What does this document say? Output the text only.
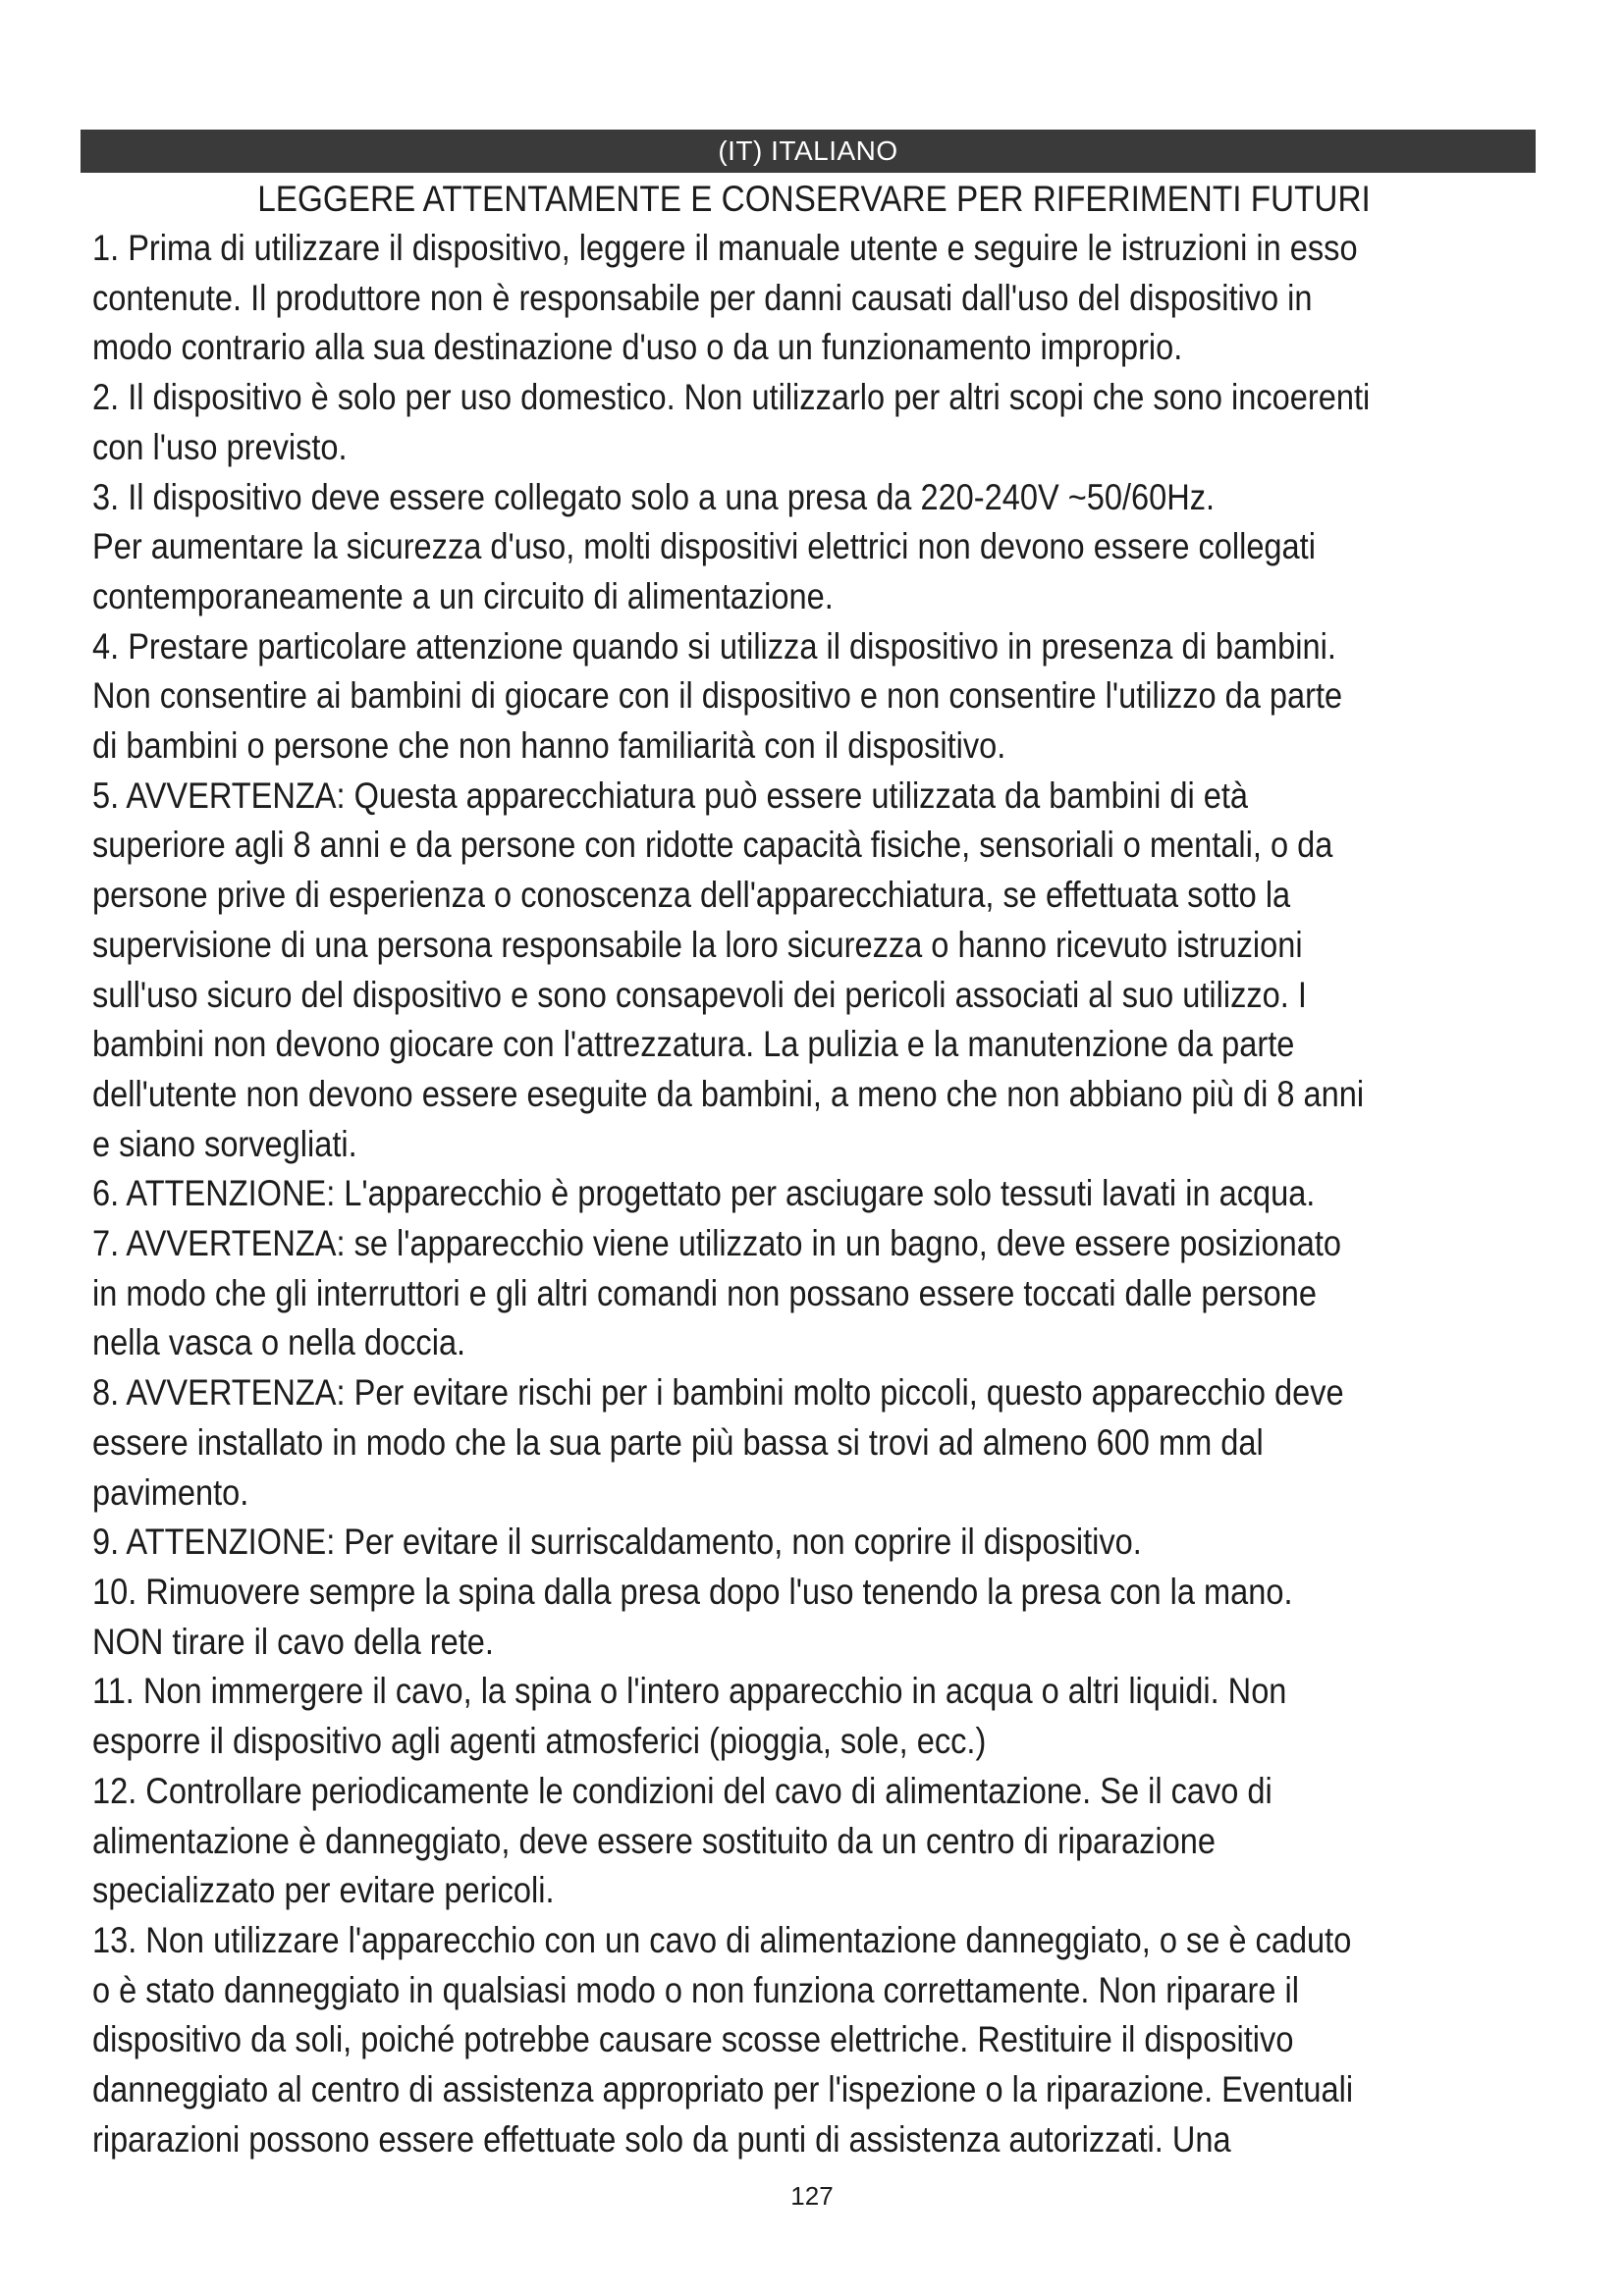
(IT) ITALIANO
LEGGERE ATTENTAMENTE E CONSERVARE PER RIFERIMENTI FUTURI

1. Prima di utilizzare il dispositivo, leggere il manuale utente e seguire le istruzioni in esso
contenute. Il produttore non è responsabile per danni causati dall'uso del dispositivo in
modo contrario alla sua destinazione d'uso o da un funzionamento improprio.

2. Il dispositivo è solo per uso domestico. Non utilizzarlo per altri scopi che sono incoerenti
con l'uso previsto.

3. Il dispositivo deve essere collegato solo a una presa da 220-240V ~50/60Hz.
Per aumentare la sicurezza d'uso, molti dispositivi elettrici non devono essere collegati
contemporaneamente a un circuito di alimentazione.

4. Prestare particolare attenzione quando si utilizza il dispositivo in presenza di bambini.
Non consentire ai bambini di giocare con il dispositivo e non consentire l'utilizzo da parte
di bambini o persone che non hanno familiarità con il dispositivo.

5. AVVERTENZA: Questa apparecchiatura può essere utilizzata da bambini di età
superiore agli 8 anni e da persone con ridotte capacità fisiche, sensoriali o mentali, o da
persone prive di esperienza o conoscenza dell'apparecchiatura, se effettuata sotto la
supervisione di una persona responsabile la loro sicurezza o hanno ricevuto istruzioni
sull'uso sicuro del dispositivo e sono consapevoli dei pericoli associati al suo utilizzo. I
bambini non devono giocare con l'attrezzatura. La pulizia e la manutenzione da parte
dell'utente non devono essere eseguite da bambini, a meno che non abbiano più di 8 anni
e siano sorvegliati.

6. ATTENZIONE: L'apparecchio è progettato per asciugare solo tessuti lavati in acqua.

7. AVVERTENZA: se l'apparecchio viene utilizzato in un bagno, deve essere posizionato
in modo che gli interruttori e gli altri comandi non possano essere toccati dalle persone
nella vasca o nella doccia.

8. AVVERTENZA: Per evitare rischi per i bambini molto piccoli, questo apparecchio deve
essere installato in modo che la sua parte più bassa si trovi ad almeno 600 mm dal
pavimento.

9. ATTENZIONE: Per evitare il surriscaldamento, non coprire il dispositivo.

10. Rimuovere sempre la spina dalla presa dopo l'uso tenendo la presa con la mano.
NON tirare il cavo della rete.

11. Non immergere il cavo, la spina o l'intero apparecchio in acqua o altri liquidi. Non
esporre il dispositivo agli agenti atmosferici (pioggia, sole, ecc.)

12. Controllare periodicamente le condizioni del cavo di alimentazione. Se il cavo di
alimentazione è danneggiato, deve essere sostituito da un centro di riparazione
specializzato per evitare pericoli.

13. Non utilizzare l'apparecchio con un cavo di alimentazione danneggiato, o se è caduto
o è stato danneggiato in qualsiasi modo o non funziona correttamente. Non riparare il
dispositivo da soli, poiché potrebbe causare scosse elettriche. Restituire il dispositivo
danneggiato al centro di assistenza appropriato per l'ispezione o la riparazione. Eventuali
riparazioni possono essere effettuate solo da punti di assistenza autorizzati. Una

127
